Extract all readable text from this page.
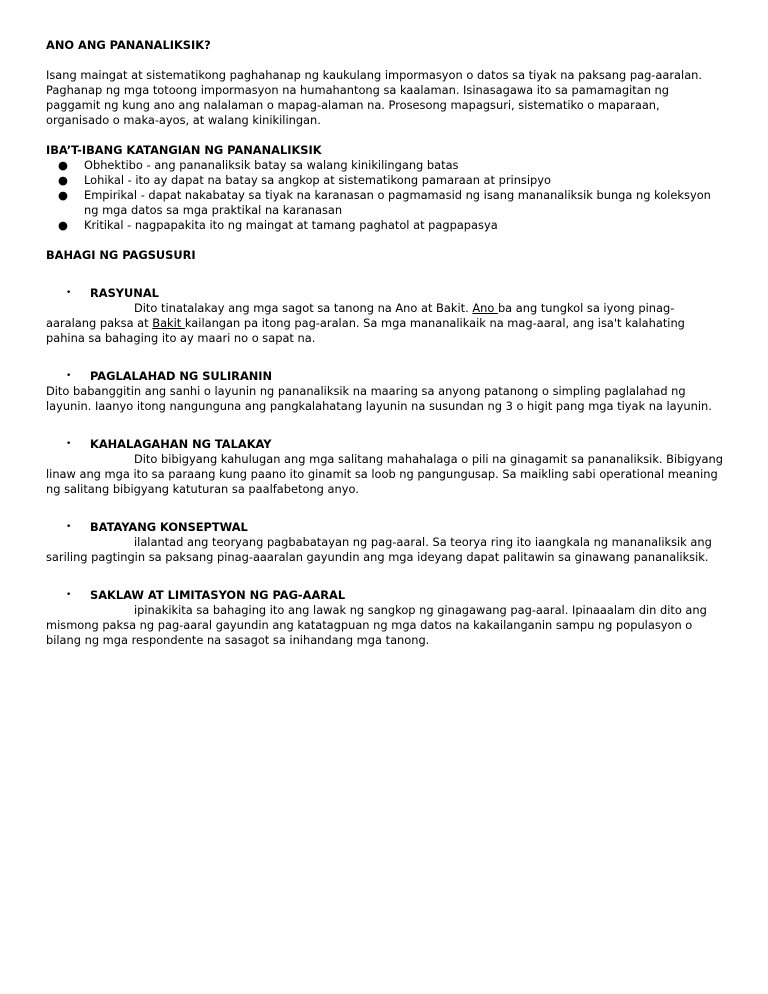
ANO ANG PANANALIKSIK?

Isang maingat at sistematikong paghahanap ng kaukulang impormasyon o datos sa tiyak na paksang pag-aaralan.

Paghanap ng mga totoong impormasyon na humahantong sa kaalaman. Isinasagawa ito sa pamamagitan ng

paggamit ng kung ano ang nalalaman o mapag-alaman na. Prosesong mapagsuri, sistematiko o maparaan,

organisado o maka-ayos, at walang kinikilingan.

IBA’T-IBANG KATANGIAN NG PANANALIKSIK

● Obhektibo - ang pananaliksik batay sa walang kinikilingang batas
● Lohikal - ito ay dapat na batay sa angkop at sistematikong pamaraan at prinsipyo
● Empirikal - dapat nakabatay sa tiyak na karanasan o pagmamasid ng isang mananaliksik bunga ng koleksyon
ng mga datos sa mga praktikal na karanasan
● Kritikal - nagpapakita ito ng maingat at tamang paghatol at pagpapasya

BAHAGI NG PAGSUSURI

• RASYUNAL

Dito tinatalakay ang mga sagot sa tanong na Ano at Bakit. Ano ba ang tungkol sa iyong pinag-

aaralang paksa at Bakit kailangan pa itong pag-aralan. Sa mga mananalikaik na mag-aaral, ang isa't kalahating

pahina sa bahaging ito ay maari no o sapat na.

• PAGLALAHAD NG SULIRANIN

Dito babanggitin ang sanhi o layunin ng pananaliksik na maaring sa anyong patanong o simpling paglalahad ng

layunin. Iaanyo itong nangunguna ang pangkalahatang layunin na susundan ng 3 o higit pang mga tiyak na layunin.

• KAHALAGAHAN NG TALAKAY

Dito bibigyang kahulugan ang mga salitang mahahalaga o pili na ginagamit sa pananaliksik. Bibigyang

linaw ang mga ito sa paraang kung paano ito ginamit sa loob ng pangungusap. Sa maikling sabi operational meaning

ng salitang bibigyang katuturan sa paalfabetong anyo.

• BATAYANG KONSEPTWAL

ilalantad ang teoryang pagbabatayan ng pag-aaral. Sa teorya ring ito iaangkala ng mananaliksik ang

sariling pagtingin sa paksang pinag-aaaralan gayundin ang mga ideyang dapat palitawin sa ginawang pananaliksik.

• SAKLAW AT LIMITASYON NG PAG-AARAL

ipinakikita sa bahaging ito ang lawak ng sangkop ng ginagawang pag-aaral. Ipinaaalam din dito ang

mismong paksa ng pag-aaral gayundin ang katatagpuan ng mga datos na kakailanganin sampu ng populasyon o

bilang ng mga respondente na sasagot sa inihandang mga tanong.
